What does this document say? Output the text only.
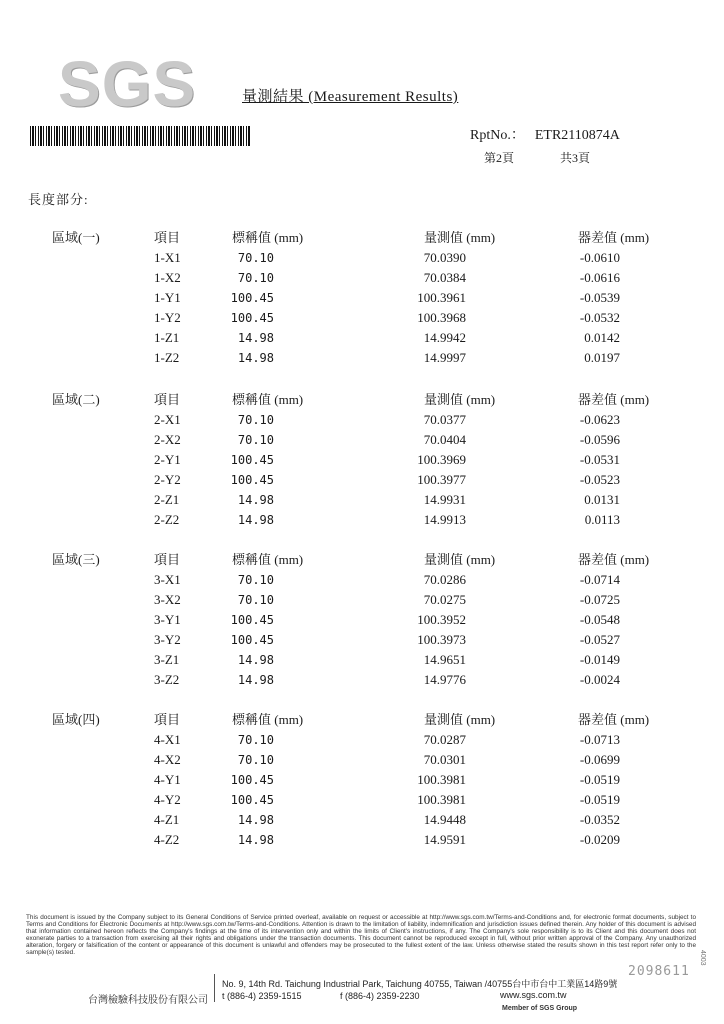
SGS	量測結果 (Measurement Results)
RptNo.： ETR2110874A
第2頁	共3頁
長度部分:
區域(一)	項目	標稱值 (mm)	量測值 (mm)	器差值 (mm)
1-X1	70.10	70.0390	-0.0610
1-X2	70.10	70.0384	-0.0616
1-Y1	100.45	100.3961	-0.0539
1-Y2	100.45	100.3968	-0.0532
1-Z1	14.98	14.9942	0.0142
1-Z2	14.98	14.9997	0.0197
區域(二)	項目	標稱值 (mm)	量測值 (mm)	器差值 (mm)
2-X1	70.10	70.0377	-0.0623
2-X2	70.10	70.0404	-0.0596
2-Y1	100.45	100.3969	-0.0531
2-Y2	100.45	100.3977	-0.0523
2-Z1	14.98	14.9931	0.0131
2-Z2	14.98	14.9913	0.0113
區域(三)	項目	標稱值 (mm)	量測值 (mm)	器差值 (mm)
3-X1	70.10	70.0286	-0.0714
3-X2	70.10	70.0275	-0.0725
3-Y1	100.45	100.3952	-0.0548
3-Y2	100.45	100.3973	-0.0527
3-Z1	14.98	14.9651	-0.0149
3-Z2	14.98	14.9776	-0.0024
區域(四)	項目	標稱值 (mm)	量測值 (mm)	器差值 (mm)
4-X1	70.10	70.0287	-0.0713
4-X2	70.10	70.0301	-0.0699
4-Y1	100.45	100.3981	-0.0519
4-Y2	100.45	100.3981	-0.0519
4-Z1	14.98	14.9448	-0.0352
4-Z2	14.98	14.9591	-0.0209
This document is issued by the Company subject to its General Conditions of Service printed overleaf, available on request or accessible at http://www.sgs.com.tw/Terms-and-Conditions and, for electronic format documents, subject to Terms and Conditions for Electronic Documents at http://www.sgs.com.tw/Terms-and-Conditions. Attention is drawn to the limitation of liability, indemnification and jurisdiction issues defined therein. Any holder of this document is advised that information contained hereon reflects the Company's findings at the time of its intervention only and within the limits of Client's instructions, if any. The Company's sole responsibility is to its Client and this document does not exonerate parties to a transaction from exercising all their rights and obligations under the transaction documents. This document cannot be reproduced except in full, without prior written approval of the Company. Any unauthorized alteration, forgery or falsification of the content or appearance of this document is unlawful and offenders may be prosecuted to the fullest extent of the law. Unless otherwise stated the results shown in this test report refer only to the sample(s) tested.
2098611
台灣檢驗科技股份有限公司
No. 9, 14th Rd. Taichung Industrial Park, Taichung 40755, Taiwan /40755台中市台中工業區14路9號
t (886-4) 2359-1515	f (886-4) 2359-2230	www.sgs.com.tw
Member of SGS Group
4003
